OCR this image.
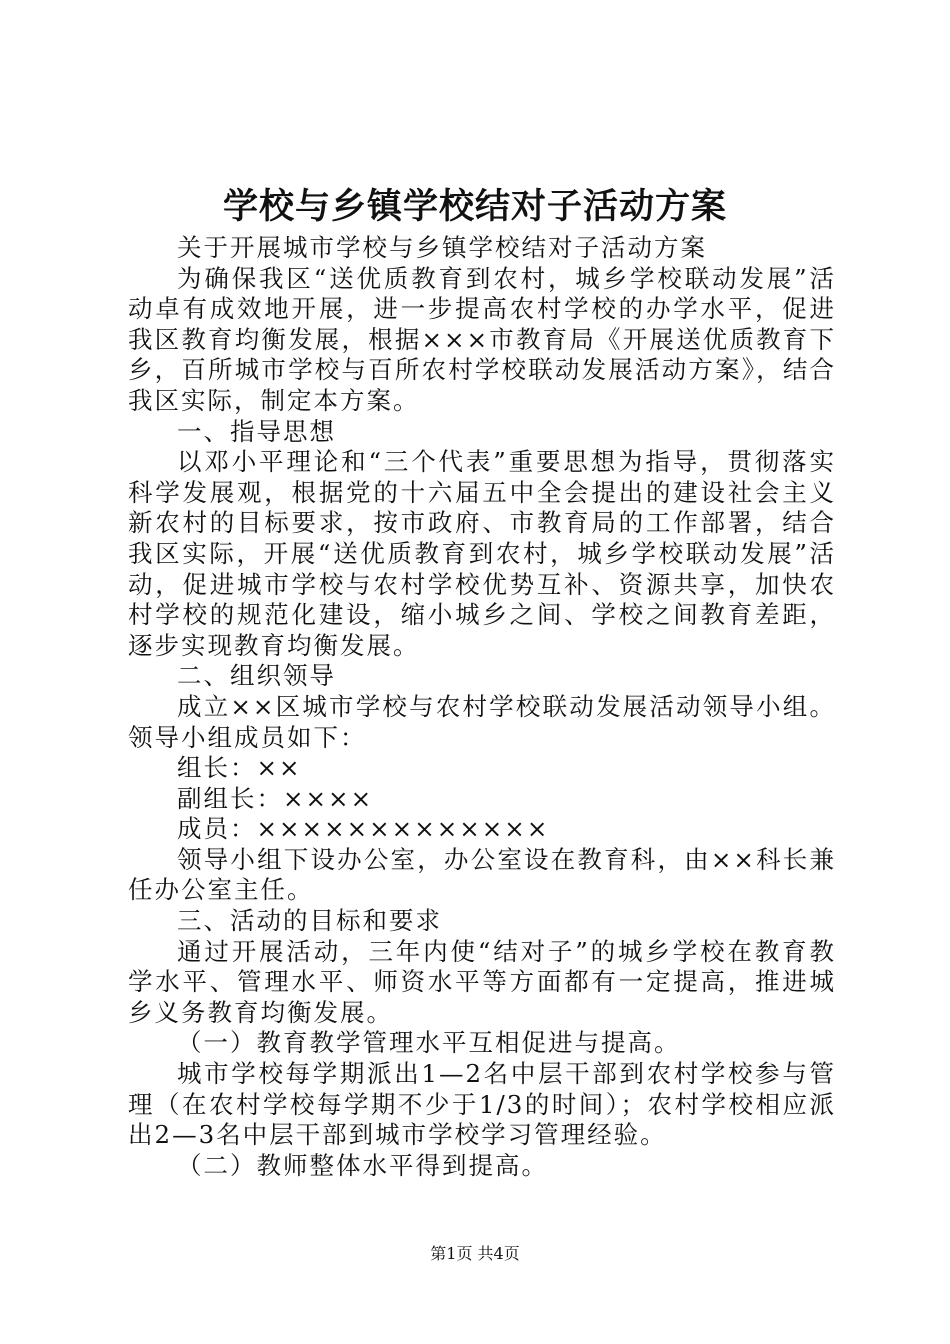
学校与乡镇学校结对子活动方案

关于开展城市学校与乡镇学校结对子活动方案

为确保我区“送优质教育到农村，城乡学校联动发展”活动卓有成效地开展，进一步提高农村学校的办学水平，促进我区教育均衡发展，根据×××市教育局《开展送优质教育下乡，百所城市学校与百所农村学校联动发展活动方案》，结合我区实际，制定本方案。

一、指导思想

以邓小平理论和“三个代表”重要思想为指导，贯彻落实科学发展观，根据党的十六届五中全会提出的建设社会主义新农村的目标要求，按市政府、市教育局的工作部署，结合我区实际，开展“送优质教育到农村，城乡学校联动发展”活动，促进城市学校与农村学校优势互补、资源共享，加快农村学校的规范化建设，缩小城乡之间、学校之间教育差距，逐步实现教育均衡发展。

二、组织领导

成立××区城市学校与农村学校联动发展活动领导小组。领导小组成员如下：

组长：××

副组长：××××

成员：×××××××××××××

领导小组下设办公室，办公室设在教育科，由××科长兼任办公室主任。

三、活动的目标和要求

通过开展活动，三年内使“结对子”的城乡学校在教育教学水平、管理水平、师资水平等方面都有一定提高，推进城乡义务教育均衡发展。

（一）教育教学管理水平互相促进与提高。

城市学校每学期派出1—2名中层干部到农村学校参与管理（在农村学校每学期不少于1/3的时间）；农村学校相应派出2—3名中层干部到城市学校学习管理经验。

（二）教师整体水平得到提高。

第1页 共4页
